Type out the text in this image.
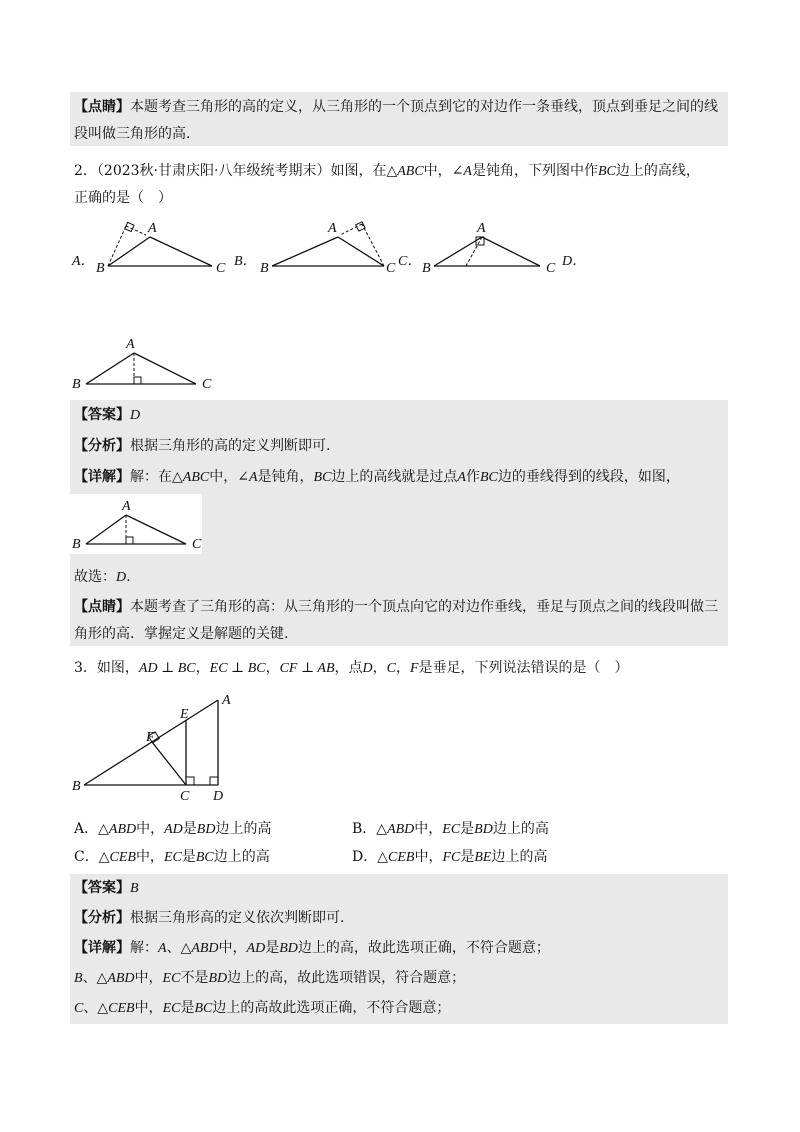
【点睛】本题考查三角形的高的定义，从三角形的一个顶点到它的对边作一条垂线，顶点到垂足之间的线
段叫做三角形的高.
2．（2023秋·甘肃庆阳·八年级统考期末）如图，在△ABC中，∠A是钝角，下列图中作BC边上的高线，
正确的是（　）
A． B
A
C B． B
A
C C． B
A
C D．
A
B	C
【答案】D
【分析】根据三角形的高的定义判断即可.
【详解】解：在△ABC中，∠A是钝角，BC边上的高线就是过点A作BC边的垂线得到的线段，如图，
A
B	C
故选：D.
【点睛】本题考查了三角形的高：从三角形的一个顶点向它的对边作垂线，垂足与顶点之间的线段叫做三
角形的高．掌握定义是解题的关键.
3．如图，AD ⊥ BC，EC ⊥ BC，CF ⊥ AB，点D，C，F是垂足，下列说法错误的是（　）
A
E
F
B
C D
A．△ABD中，AD是BD边上的高	B．△ABD中，EC是BD边上的高
C．△CEB中，EC是BC边上的高	D．△CEB中，FC是BE边上的高
【答案】B
【分析】根据三角形高的定义依次判断即可.
【详解】解：A、△ABD中，AD是BD边上的高，故此选项正确，不符合题意；
B、△ABD中，EC不是BD边上的高，故此选项错误，符合题意；
C、△CEB中，EC是BC边上的高故此选项正确，不符合题意；
